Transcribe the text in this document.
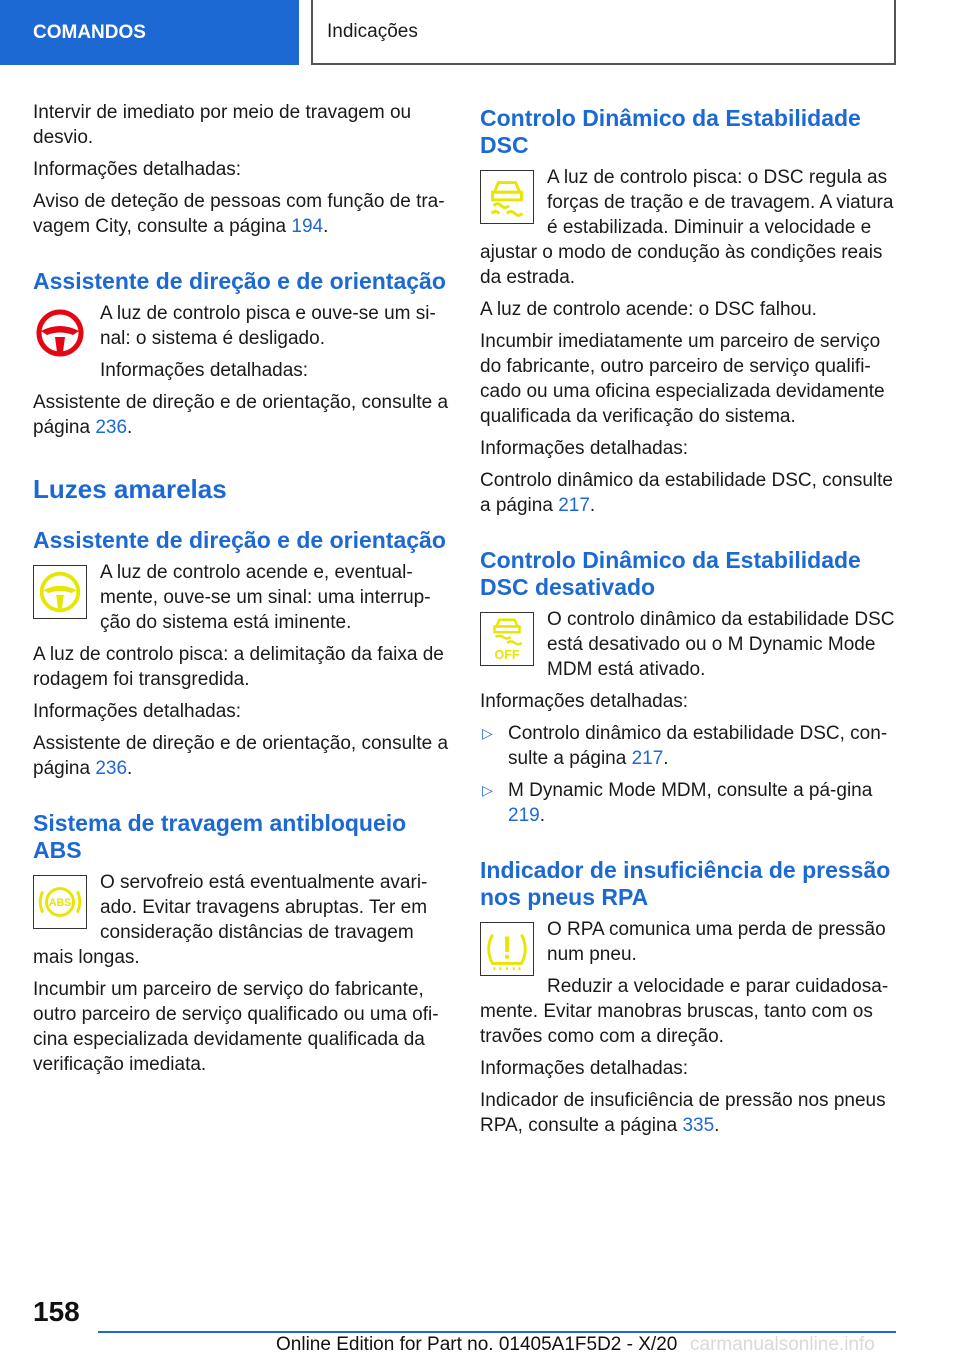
COMANDOS	Indicações

Intervir de imediato por meio de travagem ou desvio.

Informações detalhadas:

Aviso de deteção de pessoas com função de tra-vagem City, consulte a página 194.

Assistente de direção e de orientação

A luz de controlo pisca e ouve-se um si-nal: o sistema é desligado.

Informações detalhadas:

Assistente de direção e de orientação, consulte a página 236.

Luzes amarelas
Assistente de direção e de orientação

A luz de controlo acende e, eventual-mente, ouve-se um sinal: uma interrup-ção do sistema está iminente.

A luz de controlo pisca: a delimitação da faixa de rodagem foi transgredida.

Informações detalhadas:

Assistente de direção e de orientação, consulte a página 236.

Sistema de travagem antibloqueio ABS
ABS

O servofreio está eventualmente avari-ado. Evitar travagens abruptas. Ter em consideração distâncias de travagem mais longas.

Incumbir um parceiro de serviço do fabricante, outro parceiro de serviço qualificado ou uma ofi-cina especializada devidamente qualificada da verificação imediata.

Controlo Dinâmico da Estabilidade DSC

A luz de controlo pisca: o DSC regula as forças de tração e de travagem. A viatura é estabilizada. Diminuir a velocidade e ajustar o modo de condução às condições reais da estrada.

A luz de controlo acende: o DSC falhou.

Incumbir imediatamente um parceiro de serviço do fabricante, outro parceiro de serviço qualifi-cado ou uma oficina especializada devidamente qualificada da verificação do sistema.

Informações detalhadas:

Controlo dinâmico da estabilidade DSC, consulte a página 217.

Controlo Dinâmico da Estabilidade DSC desativado
OFF

O controlo dinâmico da estabilidade DSC está desativado ou o M Dynamic Mode MDM está ativado.

Informações detalhadas:

▷ Controlo dinâmico da estabilidade DSC, con-sulte a página 217.
▷ M Dynamic Mode MDM, consulte a pá-gina 219.
Indicador de insuficiência de pressão nos pneus RPA

O RPA comunica uma perda de pressão num pneu.

Reduzir a velocidade e parar cuidadosa-mente. Evitar manobras bruscas, tanto com os travões como com a direção.

Informações detalhadas:

Indicador de insuficiência de pressão nos pneus RPA, consulte a página 335.

158
Online Edition for Part no. 01405A1F5D2 - X/20 carmanualsonline.info
